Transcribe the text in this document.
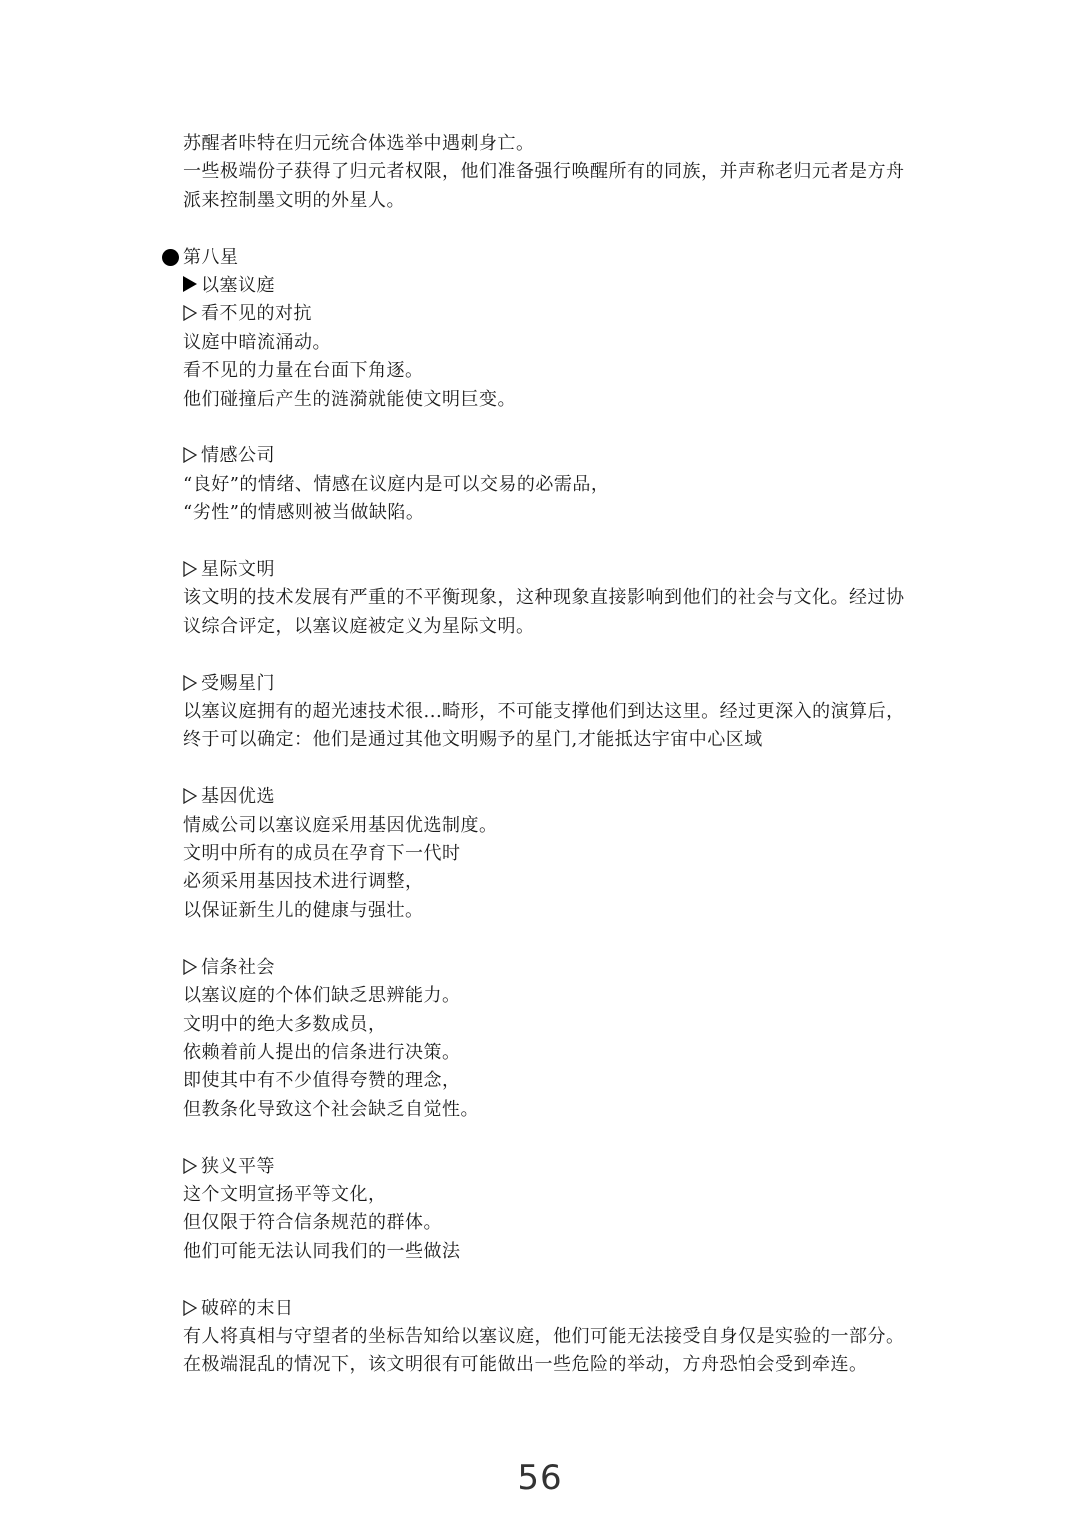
苏醒者咔特在归元统合体选举中遇刺身亡。
一些极端份子获得了归元者权限，他们准备强行唤醒所有的同族，并声称老归元者是方舟
派来控制墨文明的外星人。
第八星
以塞议庭
看不见的对抗
议庭中暗流涌动。
看不见的力量在台面下角逐。
他们碰撞后产生的涟漪就能使文明巨变。
情感公司
“良好”的情绪、情感在议庭内是可以交易的必需品，
“劣性”的情感则被当做缺陷。
星际文明
该文明的技术发展有严重的不平衡现象，这种现象直接影响到他们的社会与文化。经过协
议综合评定，以塞议庭被定义为星际文明。
受赐星门
以塞议庭拥有的超光速技术很...畸形，不可能支撑他们到达这里。经过更深入的演算后，
终于可以确定：他们是通过其他文明赐予的星门,才能抵达宇宙中心区域
基因优选
情威公司以塞议庭采用基因优选制度。
文明中所有的成员在孕育下一代时
必须采用基因技术进行调整，
以保证新生儿的健康与强壮。
信条社会
以塞议庭的个体们缺乏思辨能力。
文明中的绝大多数成员，
依赖着前人提出的信条进行决策。
即使其中有不少值得夸赞的理念，
但教条化导致这个社会缺乏自觉性。
狭义平等
这个文明宣扬平等文化，
但仅限于符合信条规范的群体。
他们可能无法认同我们的一些做法
破碎的末日
有人将真相与守望者的坐标告知给以塞议庭，他们可能无法接受自身仅是实验的一部分。
在极端混乱的情况下，该文明很有可能做出一些危险的举动，方舟恐怕会受到牵连。
56
